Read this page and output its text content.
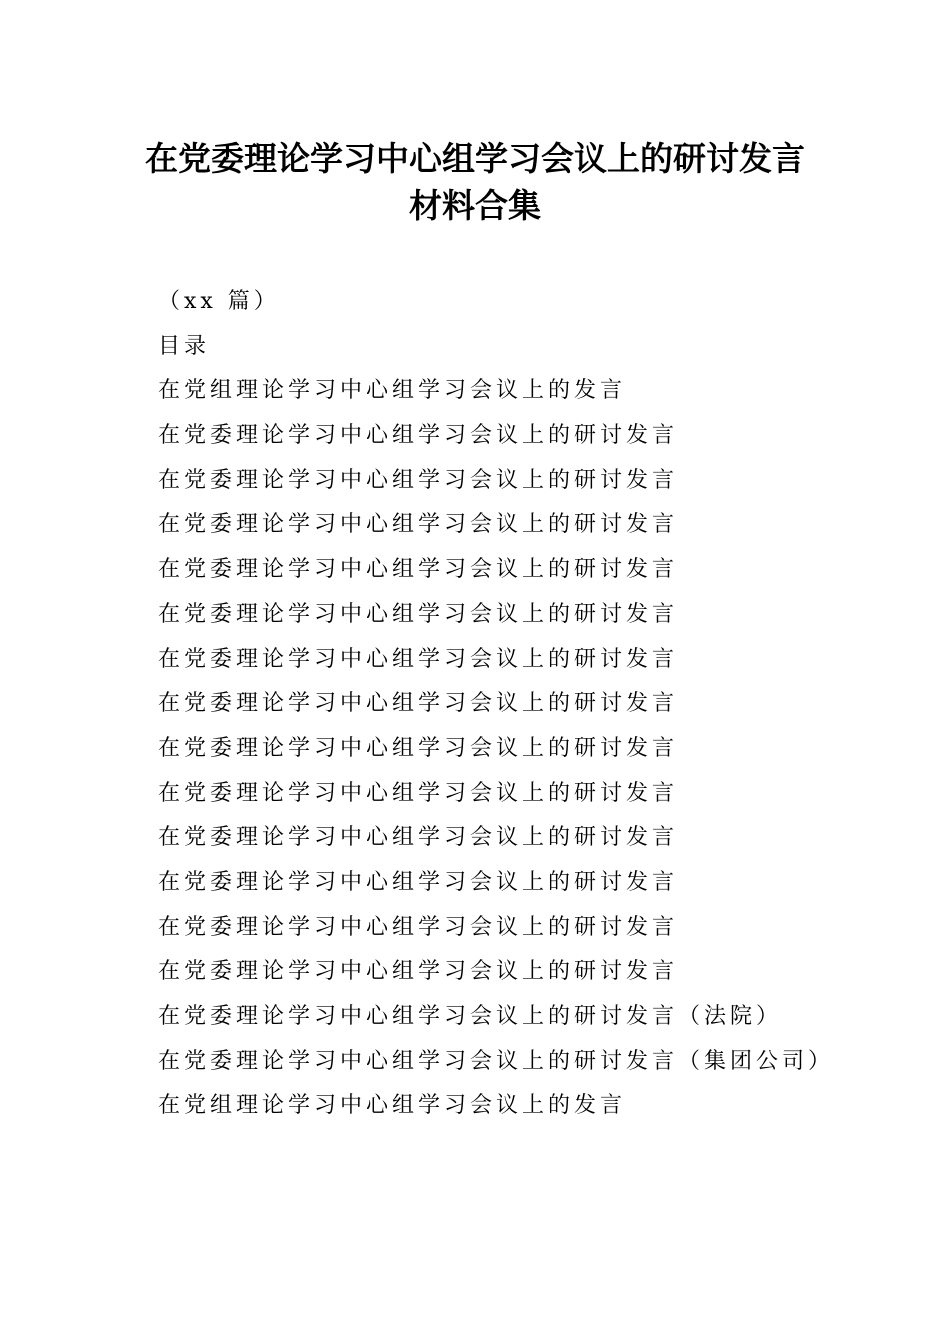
在党委理论学习中心组学习会议上的研讨发言
材料合集
（xx 篇）
目录
在党组理论学习中心组学习会议上的发言
在党委理论学习中心组学习会议上的研讨发言
在党委理论学习中心组学习会议上的研讨发言
在党委理论学习中心组学习会议上的研讨发言
在党委理论学习中心组学习会议上的研讨发言
在党委理论学习中心组学习会议上的研讨发言
在党委理论学习中心组学习会议上的研讨发言
在党委理论学习中心组学习会议上的研讨发言
在党委理论学习中心组学习会议上的研讨发言
在党委理论学习中心组学习会议上的研讨发言
在党委理论学习中心组学习会议上的研讨发言
在党委理论学习中心组学习会议上的研讨发言
在党委理论学习中心组学习会议上的研讨发言
在党委理论学习中心组学习会议上的研讨发言
在党委理论学习中心组学习会议上的研讨发言（法院）
在党委理论学习中心组学习会议上的研讨发言（集团公司）
在党组理论学习中心组学习会议上的发言
